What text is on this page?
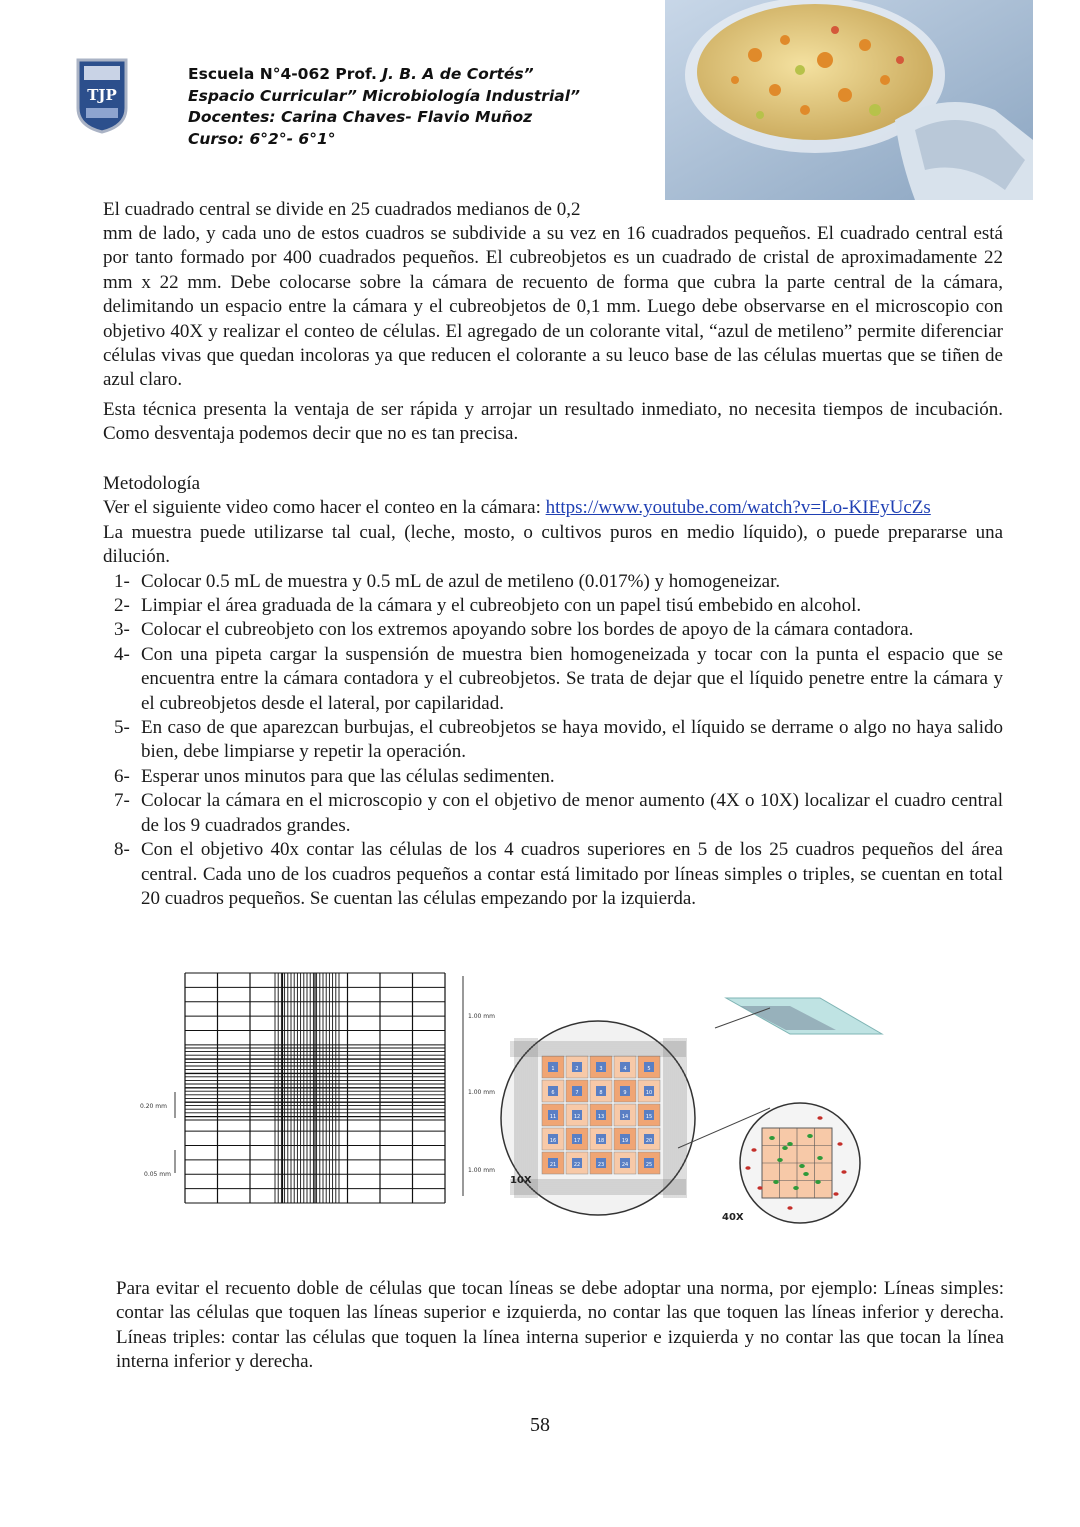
TJP
Escuela N°4-062 Prof. J. B. A de Cortés”
Espacio Curricular” Microbiología Industrial”
Docentes: Carina Chaves- Flavio Muñoz
Curso: 6°2°- 6°1°

El cuadrado central se divide en 25 cuadrados medianos de 0,2

mm de lado, y cada uno de estos cuadros se subdivide a su vez en 16 cuadrados pequeños. El cuadrado central está por tanto formado por 400 cuadrados pequeños. El cubreobjetos es un cuadrado de cristal de aproximadamente 22 mm x 22 mm. Debe colocarse sobre la cámara de recuento de forma que cubra la parte central de la cámara, delimitando un espacio entre la cámara y el cubreobjetos de 0,1 mm. Luego debe observarse en el microscopio con objetivo 40X y realizar el conteo de células. El agregado de un colorante vital, “azul de metileno” permite diferenciar células vivas que quedan incoloras ya que reducen el colorante a su leuco base de las células muertas que se tiñen de azul claro.

Esta técnica presenta la ventaja de ser rápida y arrojar un resultado inmediato, no necesita tiempos de incubación. Como desventaja podemos decir que no es tan precisa.

Metodología

Ver el siguiente video como hacer el conteo en la cámara: https://www.youtube.com/watch?v=Lo-KIEyUcZs

La muestra puede utilizarse tal cual, (leche, mosto, o cultivos puros en medio líquido), o puede prepararse una dilución.

1- Colocar 0.5 mL de muestra y 0.5 mL de azul de metileno (0.017%) y homogeneizar.
2- Limpiar el área graduada de la cámara y el cubreobjeto con un papel tisú embebido en alcohol.
3- Colocar el cubreobjeto con los extremos apoyando sobre los bordes de apoyo de la cámara contadora.
4- Con una pipeta cargar la suspensión de muestra bien homogeneizada y tocar con la punta el espacio que se encuentra entre la cámara contadora y el cubreobjetos. Se trata de dejar que el líquido penetre entre la cámara y el cubreobjetos desde el lateral, por capilaridad.
5- En caso de que aparezcan burbujas, el cubreobjetos se haya movido, el líquido se derrame o algo no haya salido bien, debe limpiarse y repetir la operación.
6- Esperar unos minutos para que las células sedimenten.
7- Colocar la cámara en el microscopio y con el objetivo de menor aumento (4X o 10X) localizar el cuadro central de los 9 cuadrados grandes.
8- Con el objetivo 40x contar las células de los 4 cuadros superiores en 5 de los 25 cuadros pequeños del área central. Cada uno de los cuadros pequeños a contar está limitado por líneas simples o triples, se cuentan en total 20 cuadros pequeños. Se cuentan las células empezando por la izquierda.
1.00 mm
1.00 mm
1.00 mm
0.20 mm
0.05 mm
1	2	3	4	5
6	7	8	9	10
11	12	13	14	15
16	17	18	19	20
21	22	23	24	25
10X
40X

Para evitar el recuento doble de células que tocan líneas se debe adoptar una norma, por ejemplo: Líneas simples: contar las células que toquen las líneas superior e izquierda, no contar las que toquen las líneas inferior y derecha. Líneas triples: contar las células que toquen la línea interna superior e izquierda y no contar las que tocan la línea interna inferior y derecha.

58
